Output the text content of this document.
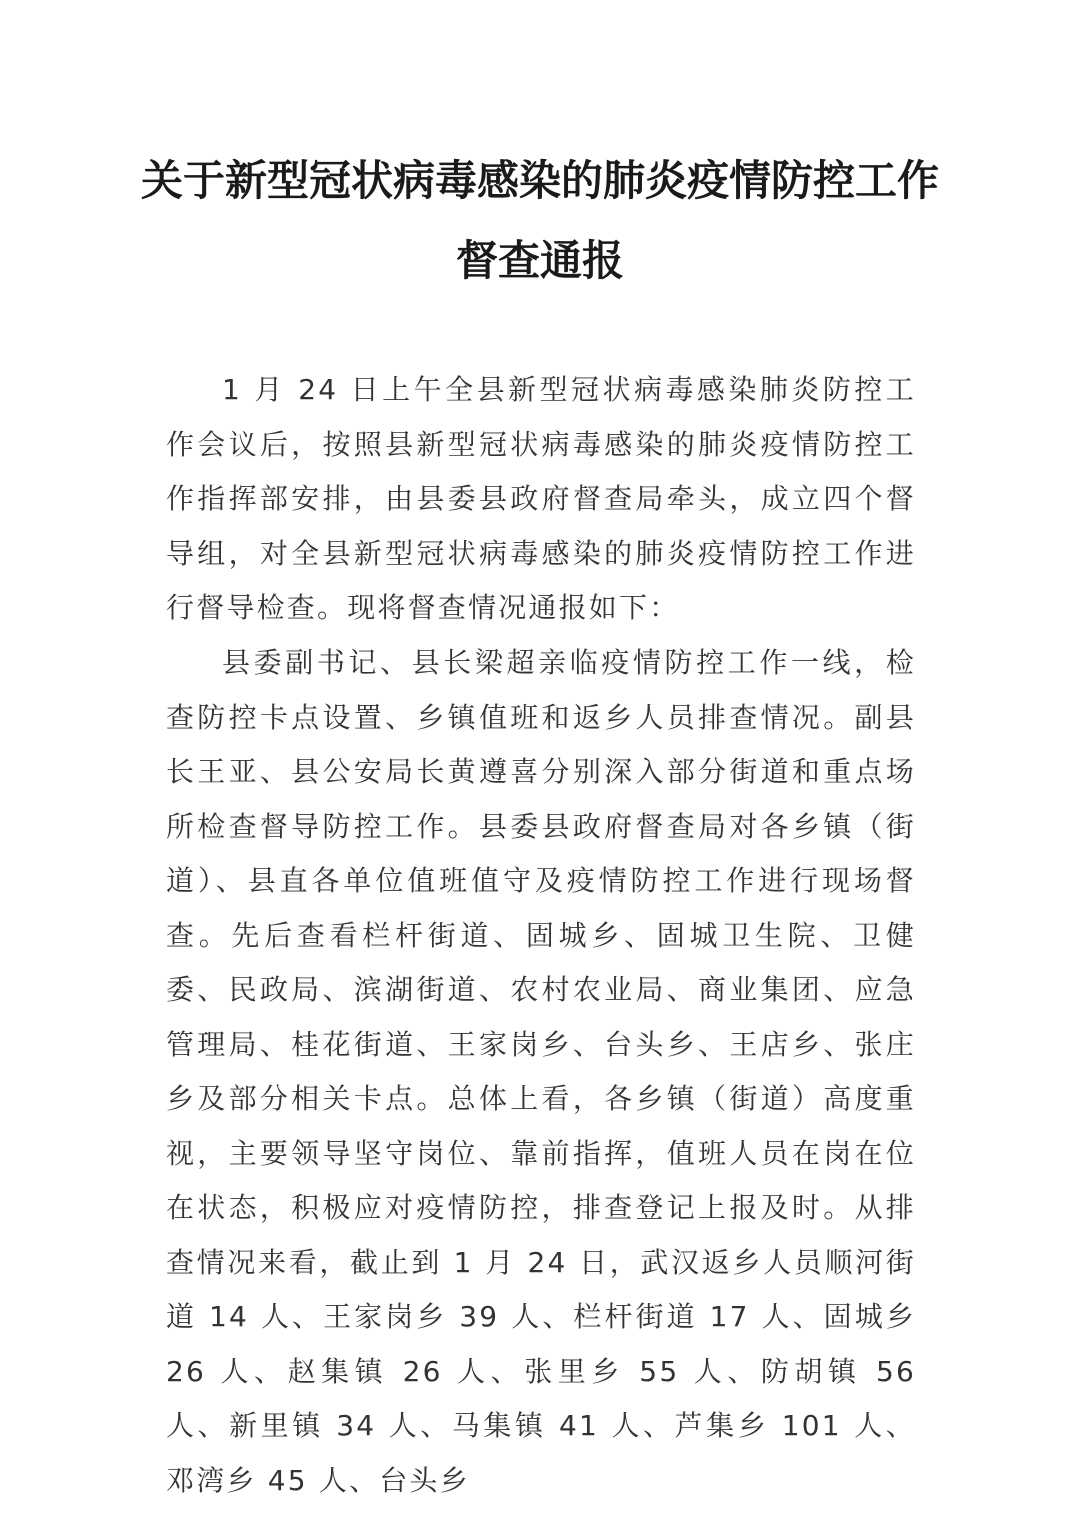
关于新型冠状病毒感染的肺炎疫情防控工作
督查通报

1 月 24 日上午全县新型冠状病毒感染肺炎防控工作会议后，按照县新型冠状病毒感染的肺炎疫情防控工作指挥部安排，由县委县政府督查局牵头，成立四个督导组，对全县新型冠状病毒感染的肺炎疫情防控工作进行督导检查。现将督查情况通报如下：

县委副书记、县长梁超亲临疫情防控工作一线，检查防控卡点设置、乡镇值班和返乡人员排查情况。副县长王亚、县公安局长黄遵喜分别深入部分街道和重点场所检查督导防控工作。县委县政府督查局对各乡镇（街道）、县直各单位值班值守及疫情防控工作进行现场督查。先后查看栏杆街道、固城乡、固城卫生院、卫健委、民政局、滨湖街道、农村农业局、商业集团、应急管理局、桂花街道、王家岗乡、台头乡、王店乡、张庄乡及部分相关卡点。总体上看，各乡镇（街道）高度重视，主要领导坚守岗位、靠前指挥，值班人员在岗在位在状态，积极应对疫情防控，排查登记上报及时。从排查情况来看，截止到 1 月 24 日，武汉返乡人员顺河街道 14 人、王家岗乡 39 人、栏杆街道 17 人、固城乡 26 人、赵集镇 26 人、张里乡 55 人、防胡镇 56 人、新里镇 34 人、马集镇 41 人、芦集乡 101 人、邓湾乡 45 人、台头乡
